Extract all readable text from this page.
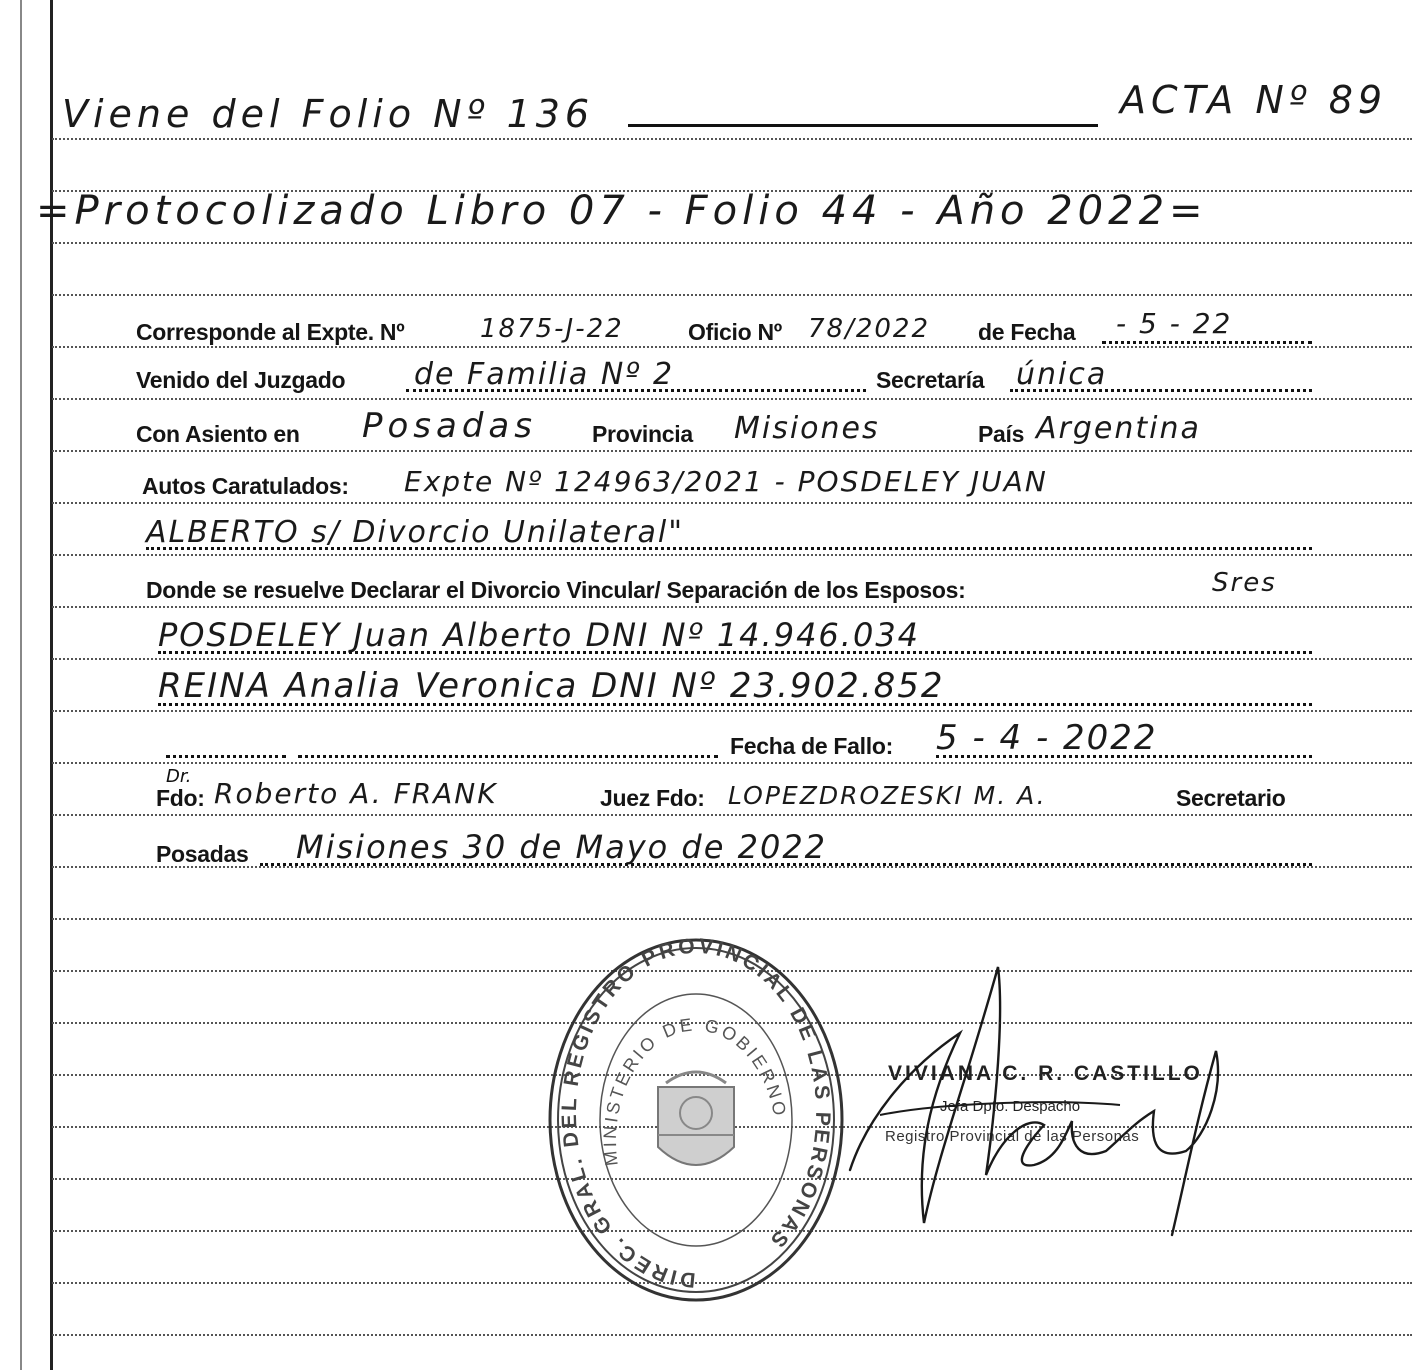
Viene del Folio Nº 136	ACTA Nº 89
=Protocolizado Libro 07 - Folio 44 - Año 2022=
Corresponde al Expte. Nº	1875-J-22	Oficio Nº 78/2022 de Fecha - 5 - 22
Venido del Juzgado de Familia Nº 2	Secretaría única
Con Asiento en Posadas Provincia Misiones	País Argentina
Autos Caratulados: Expte Nº 124963/2021 - POSDELEY JUAN
ALBERTO s/ Divorcio Unilateral"
Donde se resuelve Declarar el Divorcio Vincular/ Separación de los Esposos:	Sres
POSDELEY Juan Alberto DNI Nº 14.946.034
REINA Analia Veronica DNI Nº 23.902.852
Fecha de Fallo: 5 - 4 - 2022
Dr.
Fdo: Roberto A. FRANK	Juez Fdo: LOPEZDROZESKI M. A.	Secretario
Posadas Misiones 30 de Mayo de 2022
DIREC. GRAL. DEL REGISTRO PROVINCIAL DE LAS PERSONAS
MINISTERIO DE GOBIERNO
VIVIANA C. R. CASTILLO
Jefa Dpto. Despacho
Registro Provincial de las Personas
